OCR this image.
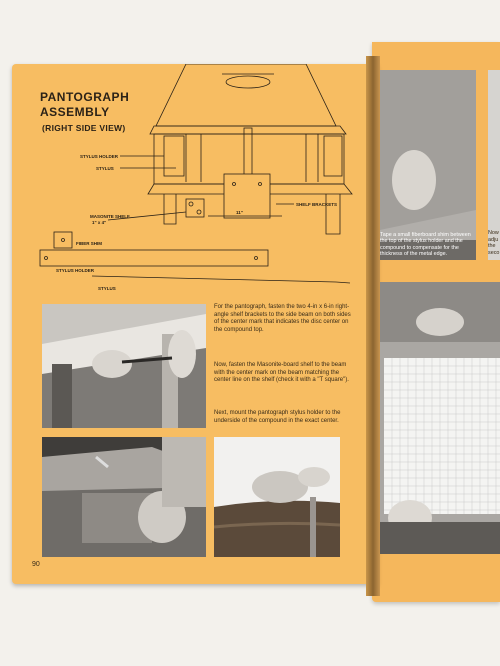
STYLUS HOLDER
STYLUS
MASONITE SHELF
1" x 4"
FIBER SHIM
STYLUS HOLDER
STYLUS
SHELF BRACKETS
11"
PANTOGRAPH ASSEMBLY
(RIGHT SIDE VIEW)
For the pantograph, fasten the two 4-in x 6-in right-angle shelf brackets to the side beam on both sides of the center mark that indicates the disc center on the compound top.
Now, fasten the Masonite-board shelf to the beam with the center mark on the beam matching the center line on the shelf (check it with a "T square").
Next, mount the pantograph stylus holder to the underside of the compound in the exact center.
90
Tape a small fiberboard shim between the top of the stylus holder and the compound to compensate for the thickness of the metal edge.
Now
adju
the
seco
